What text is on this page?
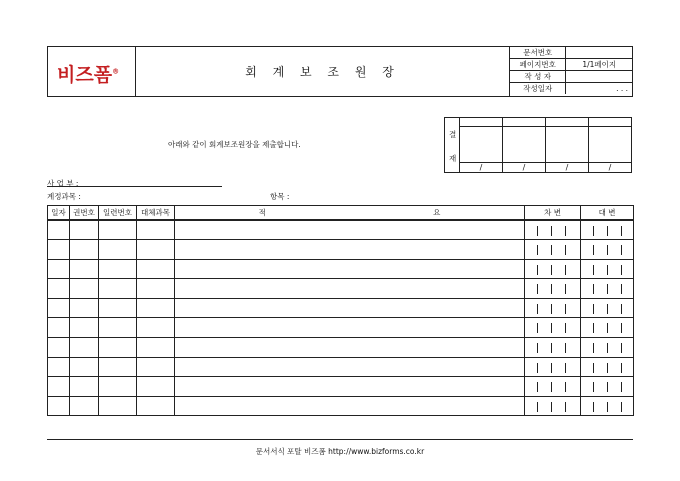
비즈폼®	회 계 보 조 원 장
문서번호	
페이지번호	1/1페이지
작 성 자	
작성일자	. . .
결
재
/	/	/	/
아래와 같이 회계보조원장을 제출합니다.
사 업 부 :
계정과목 :	항목 :
일자	권번호	일련번호	대체과목	적	요	차 변	대 변

문서서식 포탈 비즈폼 http://www.bizforms.co.kr
